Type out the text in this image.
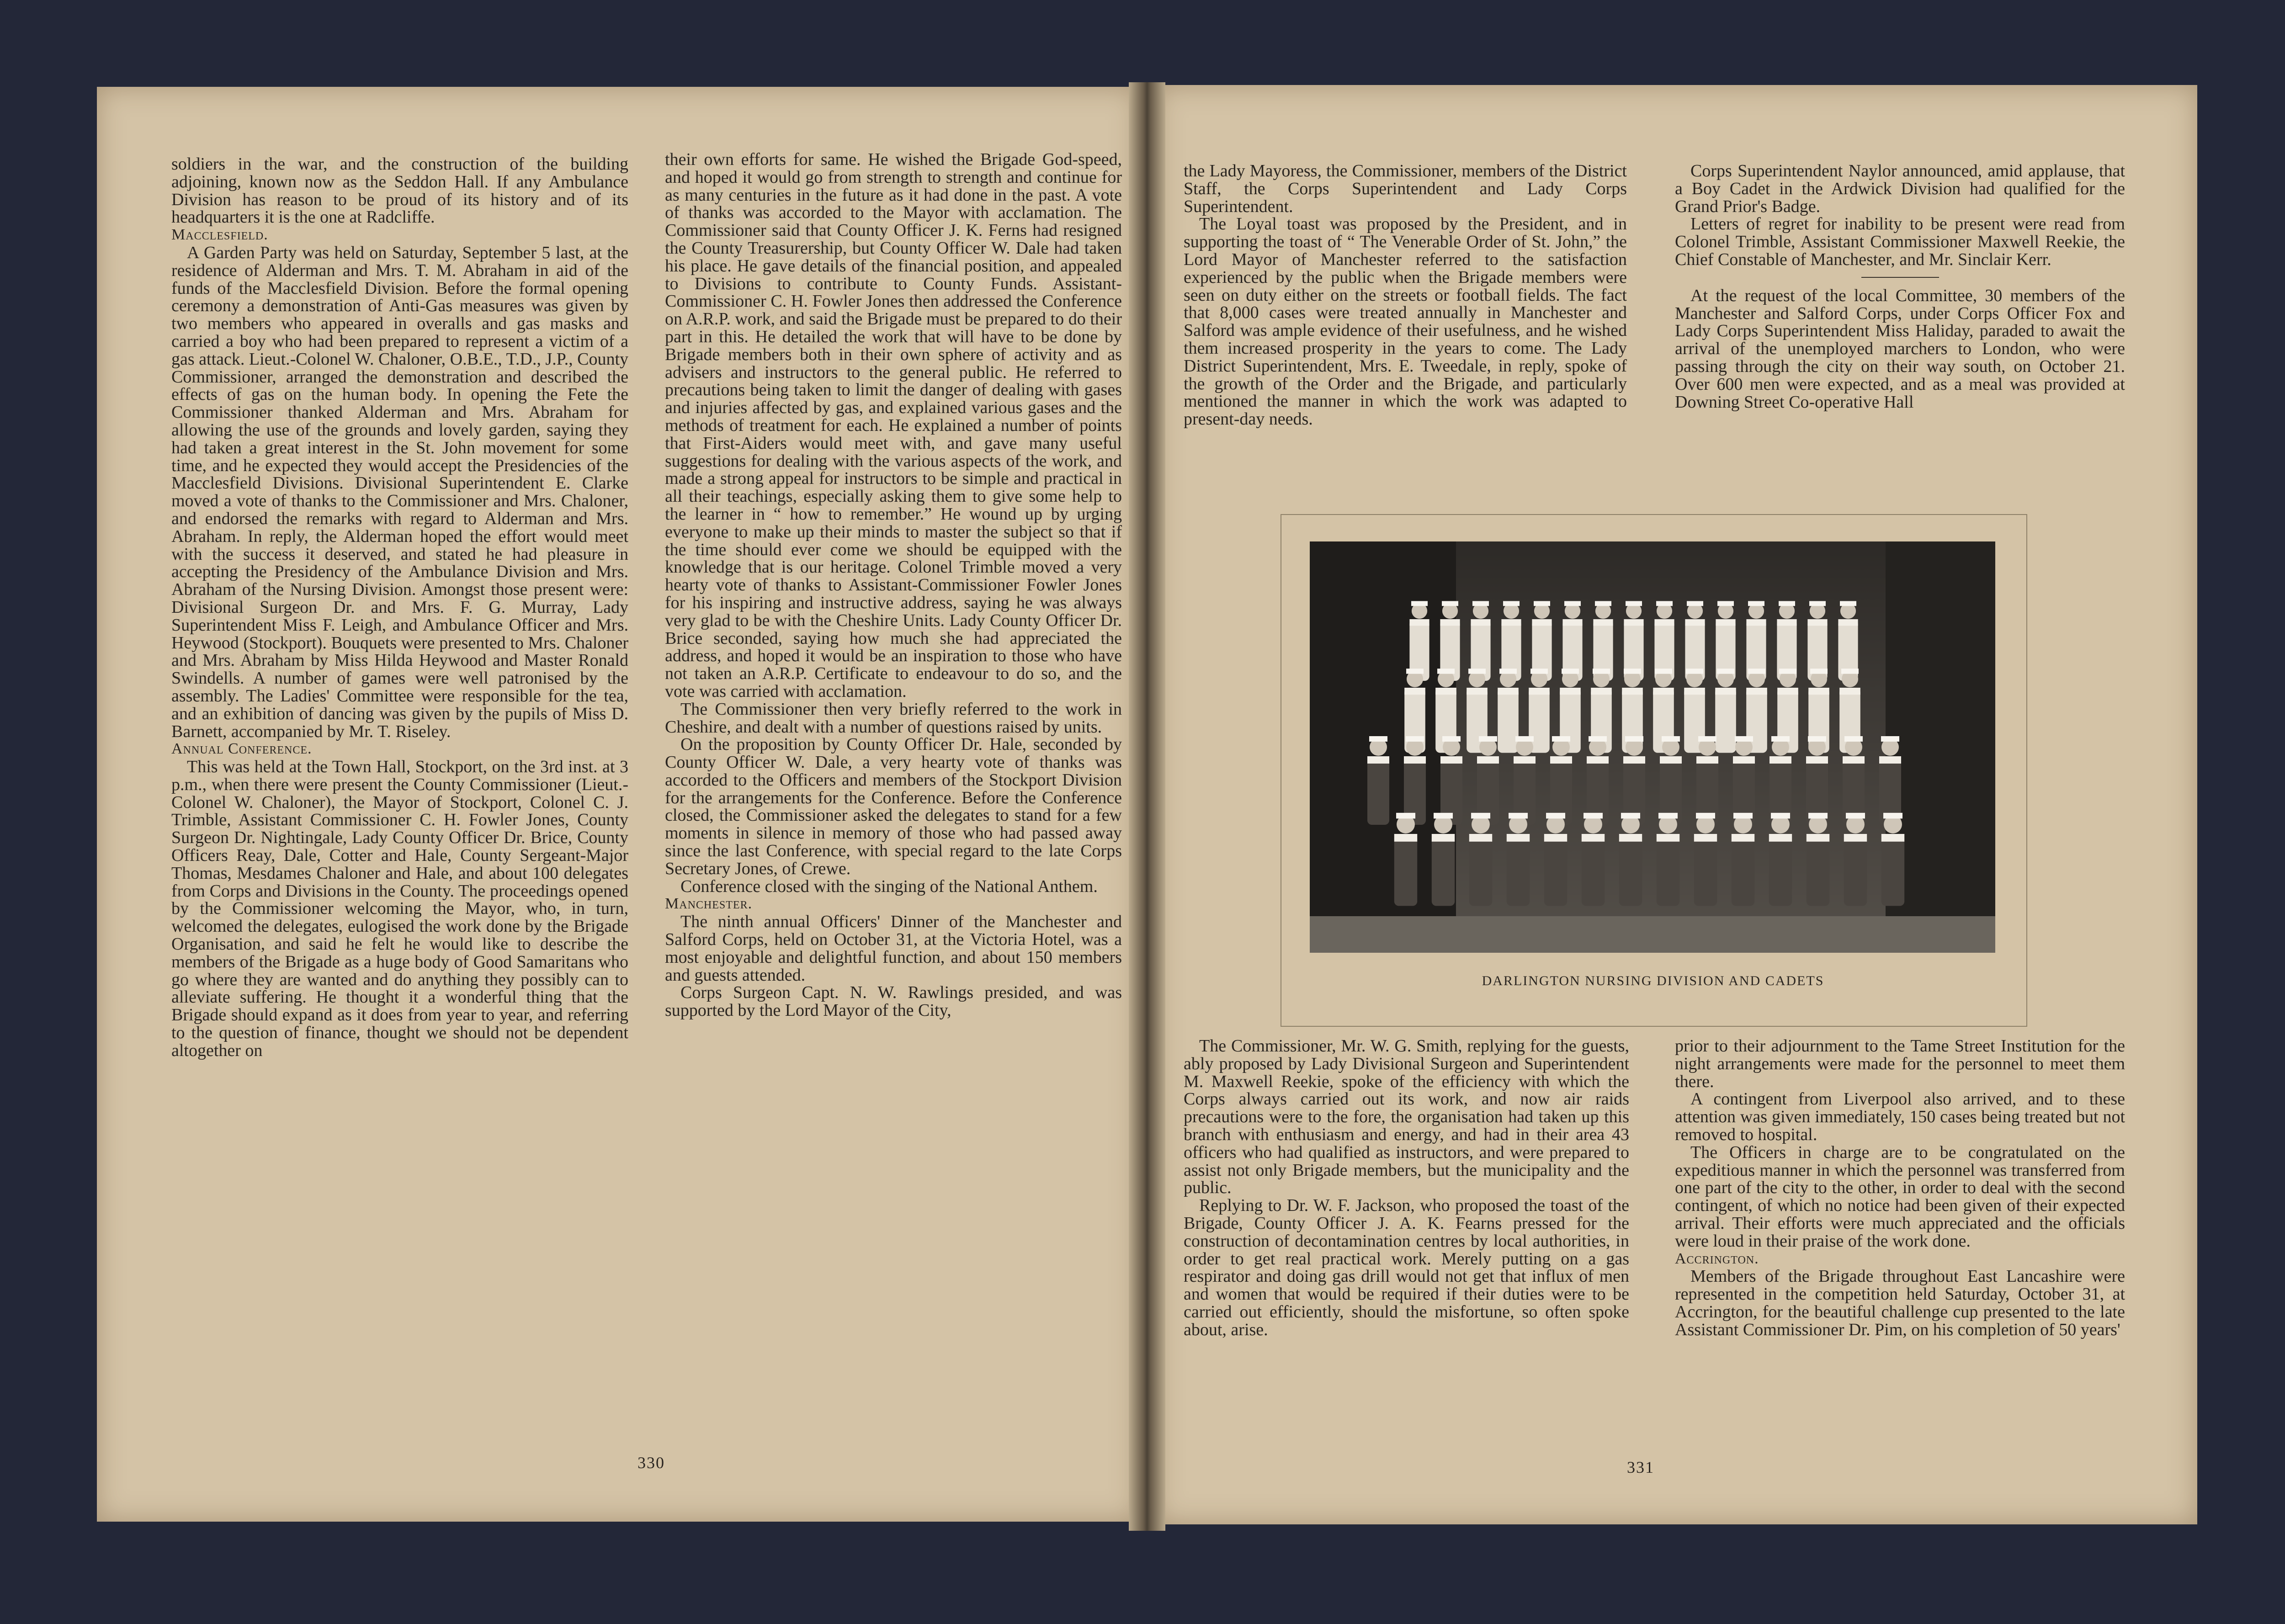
soldiers in the war, and the construction of the building adjoining, known now as the Seddon Hall. If any Ambulance Division has reason to be proud of its history and of its headquarters it is the one at Radcliffe.

Macclesfield.

A Garden Party was held on Saturday, September 5 last, at the residence of Alderman and Mrs. T. M. Abraham in aid of the funds of the Macclesfield Division. Before the formal opening ceremony a demonstration of Anti-Gas measures was given by two members who appeared in overalls and gas masks and carried a boy who had been prepared to represent a victim of a gas attack. Lieut.-Colonel W. Chaloner, O.B.E., T.D., J.P., County Commissioner, arranged the demonstration and described the effects of gas on the human body. In opening the Fete the Commissioner thanked Alderman and Mrs. Abraham for allowing the use of the grounds and lovely garden, saying they had taken a great interest in the St. John movement for some time, and he expected they would accept the Presidencies of the Macclesfield Divisions. Divisional Superintendent E. Clarke moved a vote of thanks to the Commissioner and Mrs. Chaloner, and endorsed the remarks with regard to Alderman and Mrs. Abraham. In reply, the Alderman hoped the effort would meet with the success it deserved, and stated he had pleasure in accepting the Presidency of the Ambulance Division and Mrs. Abraham of the Nursing Division. Amongst those present were: Divisional Surgeon Dr. and Mrs. F. G. Murray, Lady Superintendent Miss F. Leigh, and Ambulance Officer and Mrs. Heywood (Stockport). Bouquets were presented to Mrs. Chaloner and Mrs. Abraham by Miss Hilda Heywood and Master Ronald Swindells. A number of games were well patronised by the assembly. The Ladies' Committee were responsible for the tea, and an exhibition of dancing was given by the pupils of Miss D. Barnett, accompanied by Mr. T. Riseley.

Annual Conference.

This was held at the Town Hall, Stockport, on the 3rd inst. at 3 p.m., when there were present the County Commissioner (Lieut.-Colonel W. Chaloner), the Mayor of Stockport, Colonel C. J. Trimble, Assistant Commissioner C. H. Fowler Jones, County Surgeon Dr. Nightingale, Lady County Officer Dr. Brice, County Officers Reay, Dale, Cotter and Hale, County Sergeant-Major Thomas, Mesdames Chaloner and Hale, and about 100 delegates from Corps and Divisions in the County. The proceedings opened by the Commissioner welcoming the Mayor, who, in turn, welcomed the delegates, eulogised the work done by the Brigade Organisation, and said he felt he would like to describe the members of the Brigade as a huge body of Good Samaritans who go where they are wanted and do anything they possibly can to alleviate suffering. He thought it a wonderful thing that the Brigade should expand as it does from year to year, and referring to the question of finance, thought we should not be dependent altogether on

their own efforts for same. He wished the Brigade God-speed, and hoped it would go from strength to strength and continue for as many centuries in the future as it had done in the past. A vote of thanks was accorded to the Mayor with acclamation. The Commissioner said that County Officer J. K. Ferns had resigned the County Treasurership, but County Officer W. Dale had taken his place. He gave details of the financial position, and appealed to Divisions to contribute to County Funds. Assistant-Commissioner C. H. Fowler Jones then addressed the Conference on A.R.P. work, and said the Brigade must be prepared to do their part in this. He detailed the work that will have to be done by Brigade members both in their own sphere of activity and as advisers and instructors to the general public. He referred to precautions being taken to limit the danger of dealing with gases and injuries affected by gas, and explained various gases and the methods of treatment for each. He explained a number of points that First-Aiders would meet with, and gave many useful suggestions for dealing with the various aspects of the work, and made a strong appeal for instructors to be simple and practical in all their teachings, especially asking them to give some help to the learner in “ how to remember.” He wound up by urging everyone to make up their minds to master the subject so that if the time should ever come we should be equipped with the knowledge that is our heritage. Colonel Trimble moved a very hearty vote of thanks to Assistant-Commissioner Fowler Jones for his inspiring and instructive address, saying he was always very glad to be with the Cheshire Units. Lady County Officer Dr. Brice seconded, saying how much she had appreciated the address, and hoped it would be an inspiration to those who have not taken an A.R.P. Certificate to endeavour to do so, and the vote was carried with acclamation.

The Commissioner then very briefly referred to the work in Cheshire, and dealt with a number of questions raised by units.

On the proposition by County Officer Dr. Hale, seconded by County Officer W. Dale, a very hearty vote of thanks was accorded to the Officers and members of the Stockport Division for the arrangements for the Conference. Before the Conference closed, the Commissioner asked the delegates to stand for a few moments in silence in memory of those who had passed away since the last Conference, with special regard to the late Corps Secretary Jones, of Crewe.

Conference closed with the singing of the National Anthem.

Manchester.

The ninth annual Officers' Dinner of the Manchester and Salford Corps, held on October 31, at the Victoria Hotel, was a most enjoyable and delightful function, and about 150 members and guests attended.

Corps Surgeon Capt. N. W. Rawlings presided, and was supported by the Lord Mayor of the City,

330

the Lady Mayoress, the Commissioner, members of the District Staff, the Corps Superintendent and Lady Corps Superintendent.

The Loyal toast was proposed by the President, and in supporting the toast of “ The Venerable Order of St. John,” the Lord Mayor of Manchester referred to the satisfaction experienced by the public when the Brigade members were seen on duty either on the streets or football fields. The fact that 8,000 cases were treated annually in Manchester and Salford was ample evidence of their usefulness, and he wished them increased prosperity in the years to come. The Lady District Superintendent, Mrs. E. Tweedale, in reply, spoke of the growth of the Order and the Brigade, and particularly mentioned the manner in which the work was adapted to present-day needs.

Corps Superintendent Naylor announced, amid applause, that a Boy Cadet in the Ardwick Division had qualified for the Grand Prior's Badge.

Letters of regret for inability to be present were read from Colonel Trimble, Assistant Commissioner Maxwell Reekie, the Chief Constable of Manchester, and Mr. Sinclair Kerr.

At the request of the local Committee, 30 members of the Manchester and Salford Corps, under Corps Officer Fox and Lady Corps Superintendent Miss Haliday, paraded to await the arrival of the unemployed marchers to London, who were passing through the city on their way south, on October 21. Over 600 men were expected, and as a meal was provided at Downing Street Co-operative Hall

DARLINGTON NURSING DIVISION AND CADETS

The Commissioner, Mr. W. G. Smith, replying for the guests, ably proposed by Lady Divisional Surgeon and Superintendent M. Maxwell Reekie, spoke of the efficiency with which the Corps always carried out its work, and now air raids precautions were to the fore, the organisation had taken up this branch with enthusiasm and energy, and had in their area 43 officers who had qualified as instructors, and were prepared to assist not only Brigade members, but the municipality and the public.

Replying to Dr. W. F. Jackson, who proposed the toast of the Brigade, County Officer J. A. K. Fearns pressed for the construction of decontamination centres by local authorities, in order to get real practical work. Merely putting on a gas respirator and doing gas drill would not get that influx of men and women that would be required if their duties were to be carried out efficiently, should the misfortune, so often spoke about, arise.

prior to their adjournment to the Tame Street Institution for the night arrangements were made for the personnel to meet them there.

A contingent from Liverpool also arrived, and to these attention was given immediately, 150 cases being treated but not removed to hospital.

The Officers in charge are to be congratulated on the expeditious manner in which the personnel was transferred from one part of the city to the other, in order to deal with the second contingent, of which no notice had been given of their expected arrival. Their efforts were much appreciated and the officials were loud in their praise of the work done.

Accrington.

Members of the Brigade throughout East Lancashire were represented in the competition held Saturday, October 31, at Accrington, for the beautiful challenge cup presented to the late Assistant Commissioner Dr. Pim, on his completion of 50 years'

331
